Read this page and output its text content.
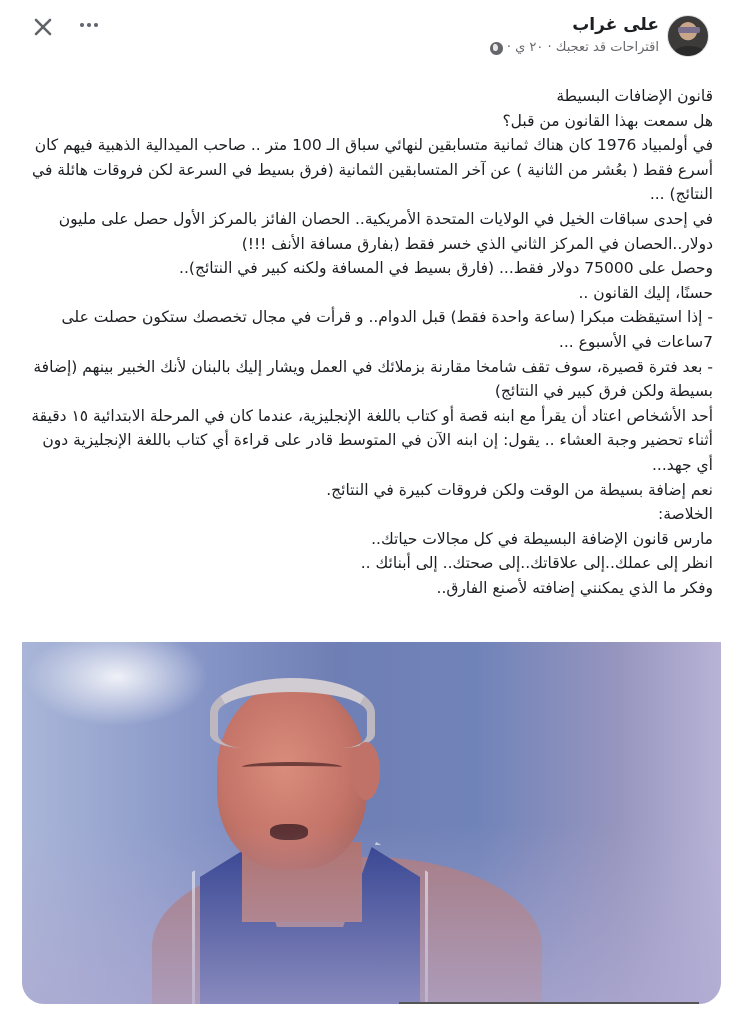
على غراب
اقتراحات قد تعجبك · ٢٠ ي ·

قانون الإضافات البسيطة

هل سمعت بهذا القانون من قبل؟

في أولمبياد 1976 كان هناك ثمانية متسابقين لنهائي سباق الـ 100 متر .. صاحب الميدالية الذهبية فيهم كان أسرع فقط ( بعُشر من الثانية ) عن آخر المتسابقين الثمانية (فرق بسيط في السرعة لكن فروقات هائلة في النتائج) ...

في إحدى سباقات الخيل في الولايات المتحدة الأمريكية.. الحصان الفائز بالمركز الأول حصل على مليون دولار..الحصان في المركز الثاني الذي خسر فقط (بفارق مسافة الأنف !!!)

وحصل على 75000 دولار فقط... (فارق بسيط في المسافة ولكنه كبير في النتائج)..

حسنًا، إليك القانون ..

- إذا استيقظت مبكرا (ساعة واحدة فقط) قبل الدوام.. و قرأت في مجال تخصصك ستكون حصلت على 7ساعات في الأسبوع ...

- بعد فترة قصيرة، سوف تقف شامخا مقارنة بزملائك في العمل ويشار إليك بالبنان لأنك الخبير بينهم (إضافة بسيطة ولكن فرق كبير في النتائج)

أحد الأشخاص اعتاد أن يقرأ مع ابنه قصة أو كتاب باللغة الإنجليزية، عندما كان في المرحلة الابتدائية ١٥ دقيقة أثناء تحضير وجبة العشاء .. يقول: إن ابنه الآن في المتوسط قادر على قراءة أي كتاب باللغة الإنجليزية دون أي جهد...

نعم إضافة بسيطة من الوقت ولكن فروقات كبيرة في النتائج.

الخلاصة:

مارس قانون الإضافة البسيطة في كل مجالات حياتك..

انظر إلى عملك..إلى علاقاتك..إلى صحتك.. إلى أبنائك ..

وفكر ما الذي يمكنني إضافته لأصنع الفارق..
